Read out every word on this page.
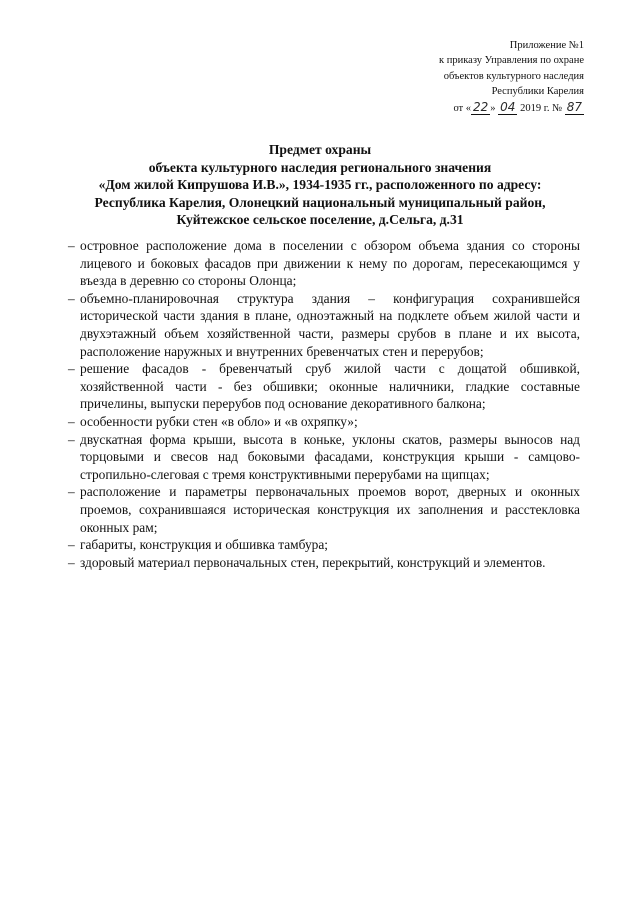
Приложение №1
к приказу Управления по охране
объектов культурного наследия
Республики Карелия
от « 22 » 04 2019 г. № 87
Предмет охраны
объекта культурного наследия регионального значения
«Дом жилой Кипрушова И.В.», 1934-1935 гг., расположенного по адресу:
Республика Карелия, Олонецкий национальный муниципальный район,
Куйтежское сельское поселение, д.Сельга, д.31
– островное расположение дома в поселении с обзором объема здания со стороны лицевого и боковых фасадов при движении к нему по дорогам, пересекающимся у въезда в деревню со стороны Олонца;
– объемно-планировочная структура здания – конфигурация сохранившейся исторической части здания в плане, одноэтажный на подклете объем жилой части и двухэтажный объем хозяйственной части, размеры срубов в плане и их высота, расположение наружных и внутренних бревенчатых стен и перерубов;
– решение фасадов - бревенчатый сруб жилой части с дощатой обшивкой, хозяйственной части - без обшивки; оконные наличники, гладкие составные причелины, выпуски перерубов под основание декоративного балкона;
– особенности рубки стен «в обло» и «в охряпку»;
– двускатная форма крыши, высота в коньке, уклоны скатов, размеры выносов над торцовыми и свесов над боковыми фасадами, конструкция крыши - самцово-стропильно-слеговая с тремя конструктивными перерубами на щипцах;
– расположение и параметры первоначальных проемов ворот, дверных и оконных проемов, сохранившаяся историческая конструкция их заполнения и расстекловка оконных рам;
– габариты, конструкция и обшивка тамбура;
– здоровый материал первоначальных стен, перекрытий, конструкций и элементов.
